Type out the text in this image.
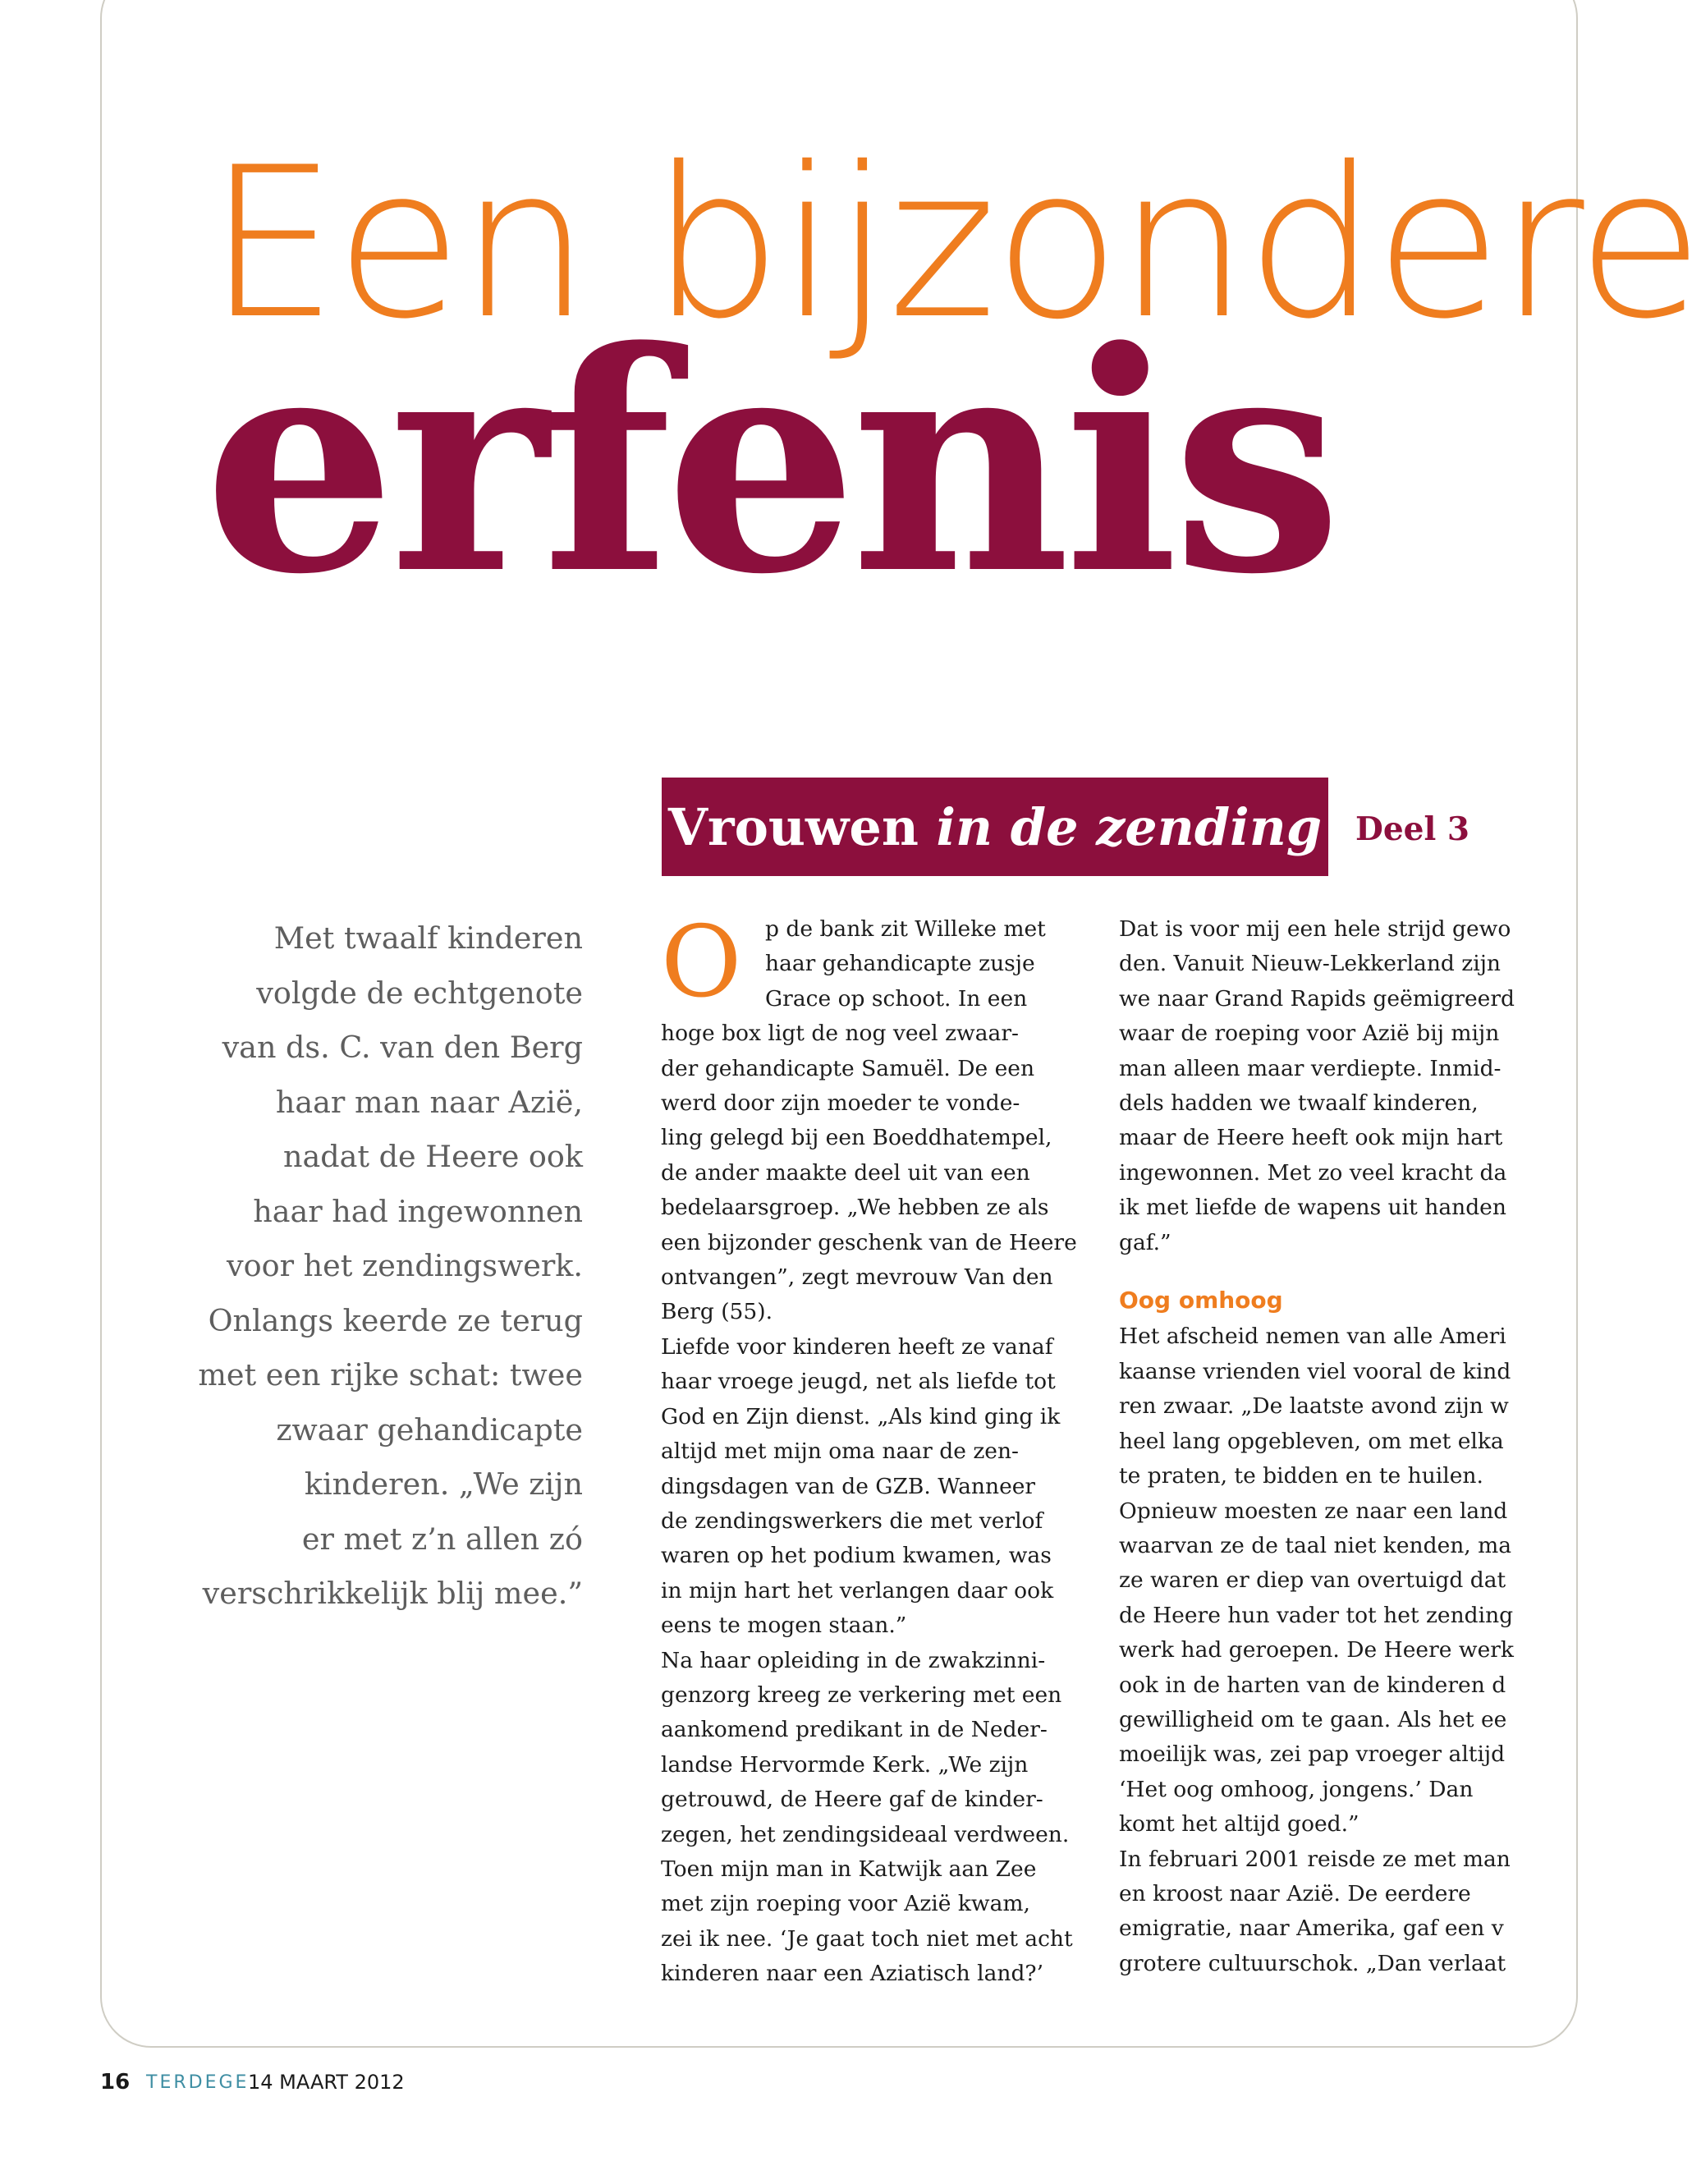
Een bijzondere
erfenis
Vrouwen in de zending Deel 3
Met twaalf kinderen
volgde de echtgenote
van ds. C. van den Berg
haar man naar Azië,
nadat de Heere ook
haar had ingewonnen
voor het zendingswerk.
Onlangs keerde ze terug
met een rijke schat: twee
zwaar gehandicapte
kinderen. „We zijn
er met z’n allen zó
verschrikkelijk blij mee.”
O	p de bank zit Willeke met
haar gehandicapte zusje
Grace op schoot. In een
hoge box ligt de nog veel zwaar-
der gehandicapte Samuël. De een
werd door zijn moeder te vonde-
ling gelegd bij een Boeddhatempel,
de ander maakte deel uit van een
bedelaarsgroep. „We hebben ze als
een bijzonder geschenk van de Heere
ontvangen”, zegt mevrouw Van den
Berg (55).
Liefde voor kinderen heeft ze vanaf
haar vroege jeugd, net als liefde tot
God en Zijn dienst. „Als kind ging ik
altijd met mijn oma naar de zen-
dingsdagen van de GZB. Wanneer
de zendingswerkers die met verlof
waren op het podium kwamen, was
in mijn hart het verlangen daar ook
eens te mogen staan.”
Na haar opleiding in de zwakzinni-
genzorg kreeg ze verkering met een
aankomend predikant in de Neder-
landse Hervormde Kerk. „We zijn
getrouwd, de Heere gaf de kinder-
zegen, het zendingsideaal verdween.
Toen mijn man in Katwijk aan Zee
met zijn roeping voor Azië kwam,
zei ik nee. ‘Je gaat toch niet met acht
kinderen naar een Aziatisch land?’
Dat is voor mij een hele strijd gewo
den. Vanuit Nieuw-Lekkerland zijn
we naar Grand Rapids geëmigreerd
waar de roeping voor Azië bij mijn
man alleen maar verdiepte. Inmid-
dels hadden we twaalf kinderen,
maar de Heere heeft ook mijn hart
ingewonnen. Met zo veel kracht da
ik met liefde de wapens uit handen
gaf.”
Oog omhoog
Het afscheid nemen van alle Ameri
kaanse vrienden viel vooral de kind
ren zwaar. „De laatste avond zijn w
heel lang opgebleven, om met elka
te praten, te bidden en te huilen.
Opnieuw moesten ze naar een land
waarvan ze de taal niet kenden, ma
ze waren er diep van overtuigd dat
de Heere hun vader tot het zending
werk had geroepen. De Heere werk
ook in de harten van de kinderen d
gewilligheid om te gaan. Als het ee
moeilijk was, zei pap vroeger altijd
‘Het oog omhoog, jongens.’ Dan
komt het altijd goed.”
In februari 2001 reisde ze met man
en kroost naar Azië. De eerdere
emigratie, naar Amerika, gaf een v
grotere cultuurschok. „Dan verlaat
16 TERDEGE
14 MAART 2012
